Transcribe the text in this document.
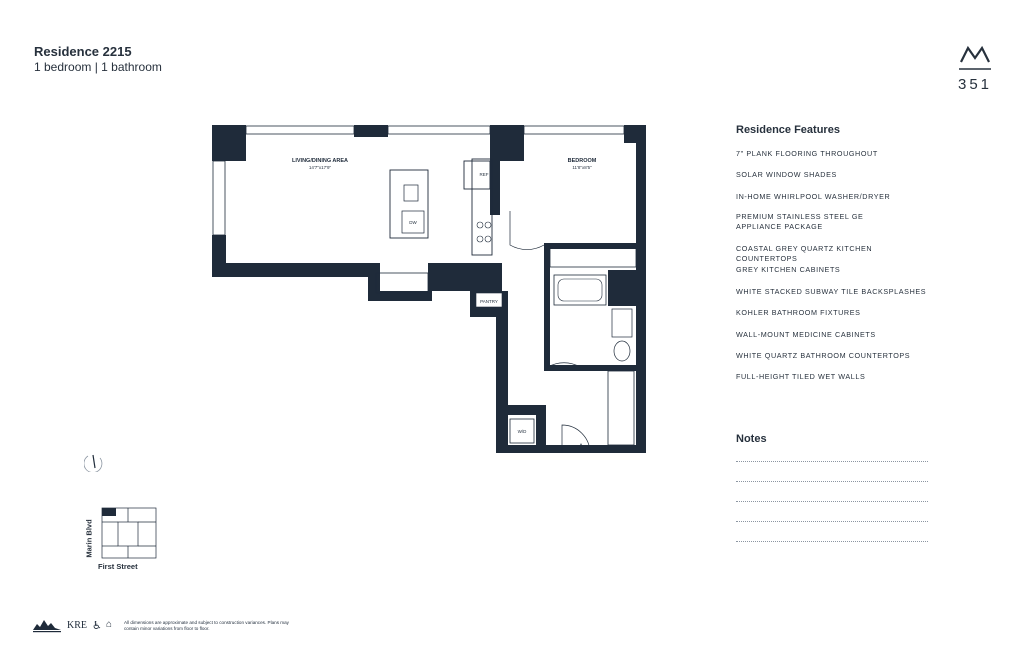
Residence 2215
1 bedroom | 1 bathroom
351
LIVING/DINING AREA
14'7"x17'9"
BEDROOM
11'8"x8'5"
REF
DW
PANTRY
W/D
Residence Features
7" PLANK FLOORING THROUGHOUT
SOLAR WINDOW SHADES
IN-HOME WHIRLPOOL WASHER/DRYER
PREMIUM STAINLESS STEEL GE
APPLIANCE PACKAGE
COASTAL GREY QUARTZ KITCHEN COUNTERTOPS
GREY KITCHEN CABINETS
WHITE STACKED SUBWAY TILE BACKSPLASHES
KOHLER BATHROOM FIXTURES
WALL-MOUNT MEDICINE CABINETS
WHITE QUARTZ BATHROOM COUNTERTOPS
FULL-HEIGHT TILED WET WALLS
Notes
First Street
Marin Blvd
KRE ♿ ⌂	All dimensions are approximate and subject to construction variances. Plans may contain minor variations from floor to floor.
